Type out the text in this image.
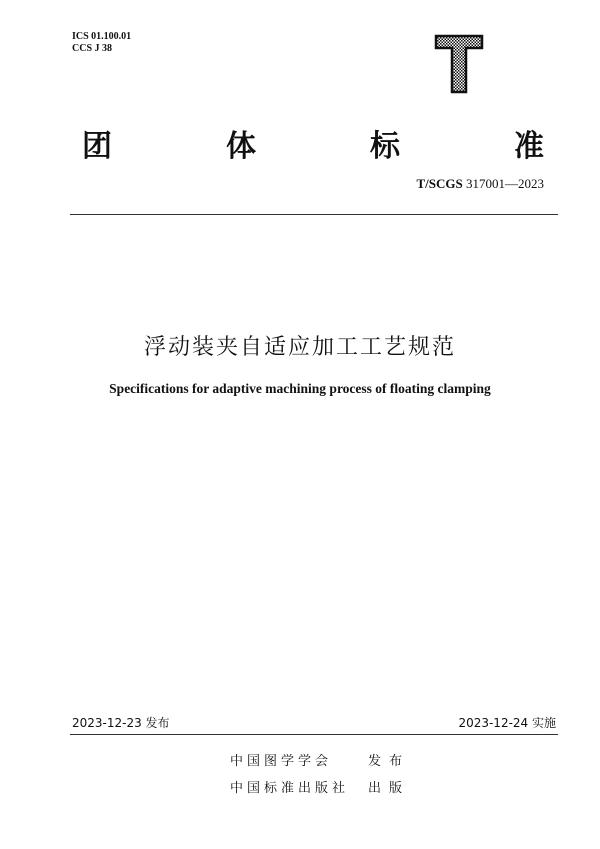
ICS 01.100.01
CCS J 38
团	体	标	准
T/SCGS 317001—2023
浮动装夹自适应加工工艺规范
Specifications for adaptive machining process of floating clamping
2023-12-23 发布	2023-12-24 实施
中国图学学会	发布
中国标准出版社 出版
